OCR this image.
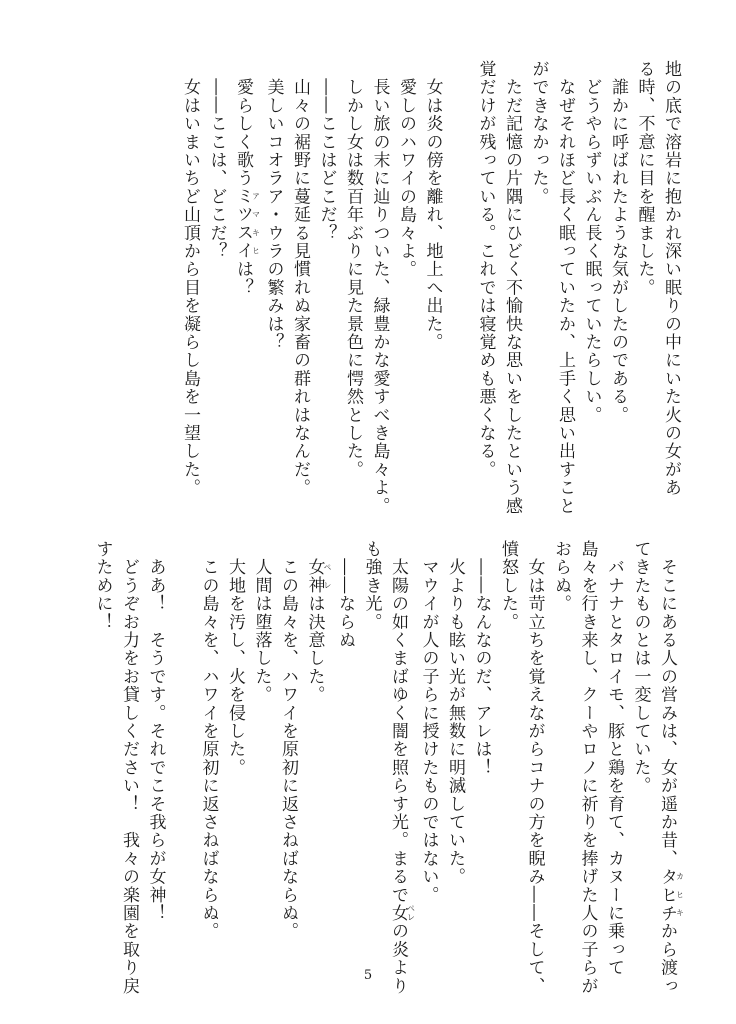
地の底で溶岩に抱かれ深い眠りの中にいた火の女があ
る時、不意に目を醒ました。
　誰かに呼ばれたような気がしたのである。
　どうやらずいぶん長く眠っていたらしい。
　なぜそれほど長く眠っていたか、上手く思い出すこと
ができなかった。
　ただ記憶の片隅にひどく不愉快な思いをしたという感
覚だけが残っている。これでは寝覚めも悪くなる。

　女は炎の傍を離れ、地上へ出た。
　愛しのハワイの島々よ。
　長い旅の末に辿りついた、緑豊かな愛すべき島々よ。
　しかし女は数百年ぶりに見た景色に愕然とした。
　――ここはどこだ？
　山々の裾野に蔓延る見慣れぬ家畜の群れはなんだ。
　美しいコオラア・ウラの繁みは？
　愛らしく歌うミツスイアマキヒは？
　――ここは、どこだ？
　女はいまいちど山頂から目を凝らし島を一望した。
　そこにある人の営みは、女が遥か昔、タヒチカヒキから渡っ
てきたものとは一変していた。
　バナナとタロイモ、豚と鶏を育て、カヌーに乗って
島々を行き来し、クーやロノに祈りを捧げた人の子らが
おらぬ。
　女は苛立ちを覚えながらコナの方を睨み――そして、
憤怒した。
　――なんなのだ、アレは！
　火よりも眩い光が無数に明滅していた。
　マウイが人の子らに授けたものではない。
　太陽の如くまばゆく闇を照らす光。まるで女ペレの炎より
も強き光。
　――ならぬ
　女神ペレは決意した。
　この島々を、ハワイを原初に返さねばならぬ。
　人間は堕落した。
　大地を汚し、火を侵した。
　この島々を、ハワイを原初に返さねばならぬ。

　ああ！　そうです。それでこそ我らが女神！
　どうぞお力をお貸しください！　我々の楽園を取り戻
すために！
5
